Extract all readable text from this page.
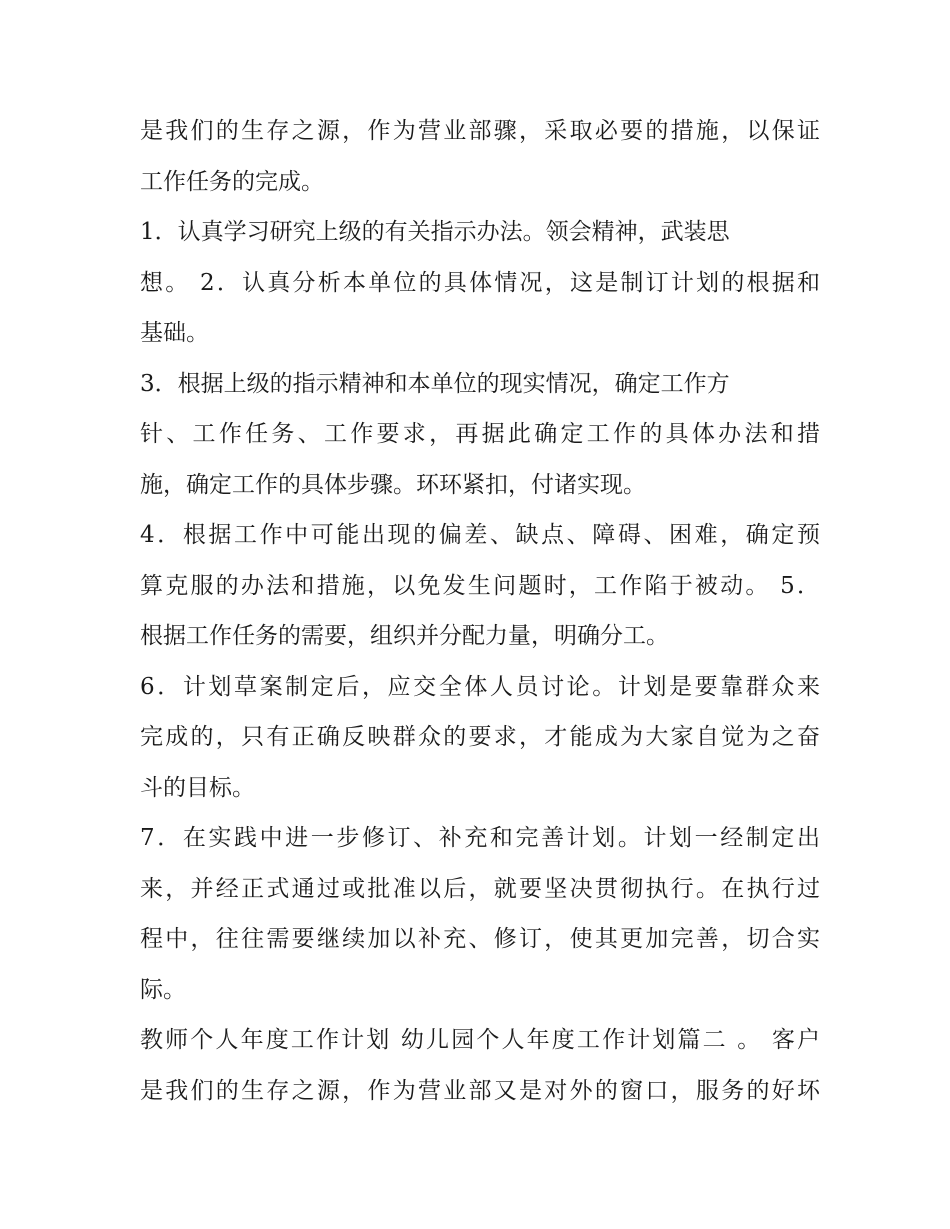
是我们的生存之源，作为营业部骤，采取必要的措施，以保证

工作任务的完成。

1．认真学习研究上级的有关指示办法。领会精神，武装思

想。 2．认真分析本单位的具体情况，这是制订计划的根据和

基础。

3．根据上级的指示精神和本单位的现实情况，确定工作方

针、工作任务、工作要求，再据此确定工作的具体办法和措

施，确定工作的具体步骤。环环紧扣，付诸实现。

4．根据工作中可能出现的偏差、缺点、障碍、困难，确定预

算克服的办法和措施，以免发生问题时，工作陷于被动。 5．

根据工作任务的需要，组织并分配力量，明确分工。

6．计划草案制定后，应交全体人员讨论。计划是要靠群众来

完成的，只有正确反映群众的要求，才能成为大家自觉为之奋

斗的目标。

7．在实践中进一步修订、补充和完善计划。计划一经制定出

来，并经正式通过或批准以后，就要坚决贯彻执行。在执行过

程中，往往需要继续加以补充、修订，使其更加完善，切合实

际。

教师个人年度工作计划 幼儿园个人年度工作计划篇二 。 客户

是我们的生存之源，作为营业部又是对外的窗口，服务的好坏
